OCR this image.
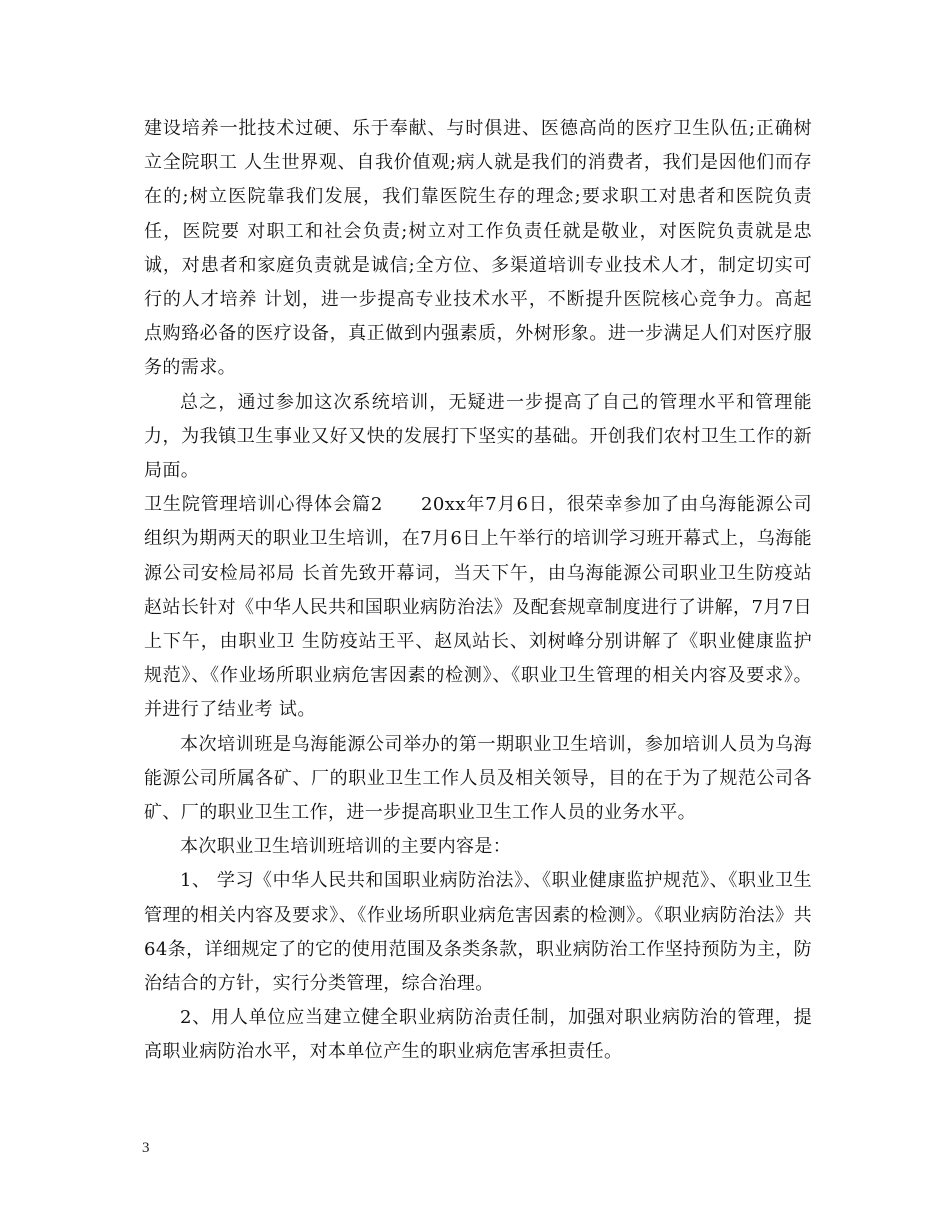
建设培养一批技术过硬、乐于奉献、与时俱进、医德高尚的医疗卫生队伍;正确树立全院职工 人生世界观、自我价值观;病人就是我们的消费者，我们是因他们而存在的;树立医院靠我们发展，我们靠医院生存的理念;要求职工对患者和医院负责任，医院要 对职工和社会负责;树立对工作负责任就是敬业，对医院负责就是忠诚，对患者和家庭负责就是诚信;全方位、多渠道培训专业技术人才，制定切实可行的人才培养 计划，进一步提高专业技术水平，不断提升医院核心竞争力。高起点购臵必备的医疗设备，真正做到内强素质，外树形象。进一步满足人们对医疗服务的需求。

总之，通过参加这次系统培训，无疑进一步提高了自己的管理水平和管理能力，为我镇卫生事业又好又快的发展打下坚实的基础。开创我们农村卫生工作的新局面。

卫生院管理培训心得体会篇2　　20xx年7月6日，很荣幸参加了由乌海能源公司组织为期两天的职业卫生培训，在7月6日上午举行的培训学习班开幕式上，乌海能源公司安检局祁局 长首先致开幕词，当天下午，由乌海能源公司职业卫生防疫站赵站长针对《中华人民共和国职业病防治法》及配套规章制度进行了讲解，7月7日上下午，由职业卫 生防疫站王平、赵凤站长、刘树峰分别讲解了《职业健康监护规范》、《作业场所职业病危害因素的检测》、《职业卫生管理的相关内容及要求》。并进行了结业考 试。

本次培训班是乌海能源公司举办的第一期职业卫生培训，参加培训人员为乌海能源公司所属各矿、厂的职业卫生工作人员及相关领导，目的在于为了规范公司各矿、厂的职业卫生工作，进一步提高职业卫生工作人员的业务水平。

本次职业卫生培训班培训的主要内容是：

1、 学习《中华人民共和国职业病防治法》、《职业健康监护规范》、《职业卫生管理的相关内容及要求》、《作业场所职业病危害因素的检测》。《职业病防治法》共 64条，详细规定了的它的使用范围及条类条款，职业病防治工作坚持预防为主，防治结合的方针，实行分类管理，综合治理。

2、用人单位应当建立健全职业病防治责任制，加强对职业病防治的管理，提高职业病防治水平，对本单位产生的职业病危害承担责任。

3
